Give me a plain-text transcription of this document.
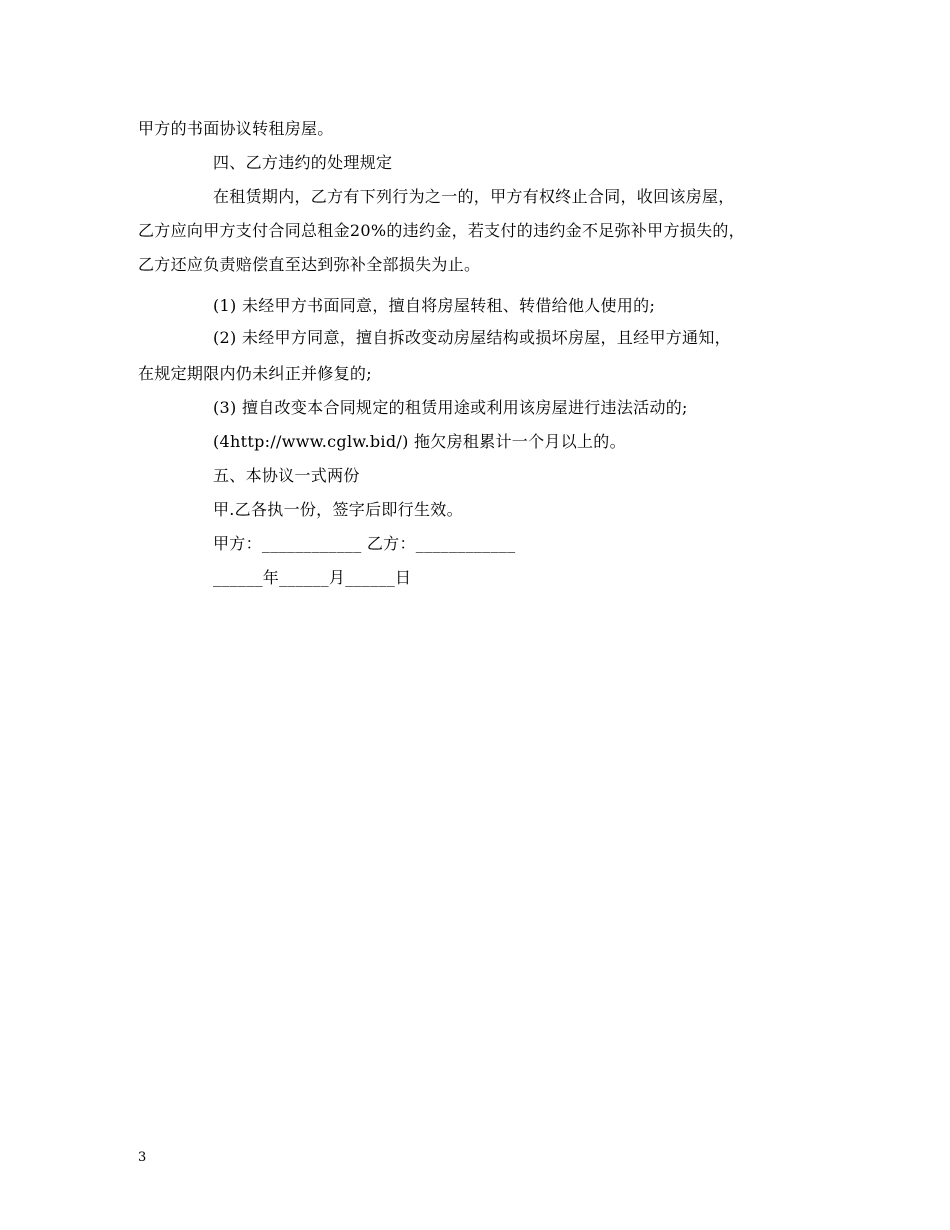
甲方的书面协议转租房屋。
四、乙方违约的处理规定
在租赁期内，乙方有下列行为之一的，甲方有权终止合同，收回该房屋，
乙方应向甲方支付合同总租金20%的违约金，若支付的违约金不足弥补甲方损失的，
乙方还应负责赔偿直至达到弥补全部损失为止。
(1) 未经甲方书面同意，擅自将房屋转租、转借给他人使用的;
(2) 未经甲方同意，擅自拆改变动房屋结构或损坏房屋，且经甲方通知，
在规定期限内仍未纠正并修复的;
(3) 擅自改变本合同规定的租赁用途或利用该房屋进行违法活动的;
(4http://www.cglw.bid/) 拖欠房租累计一个月以上的。
五、本协议一式两份
甲.乙各执一份，签字后即行生效。
甲方：____________ 乙方：____________
______年______月______日
3
